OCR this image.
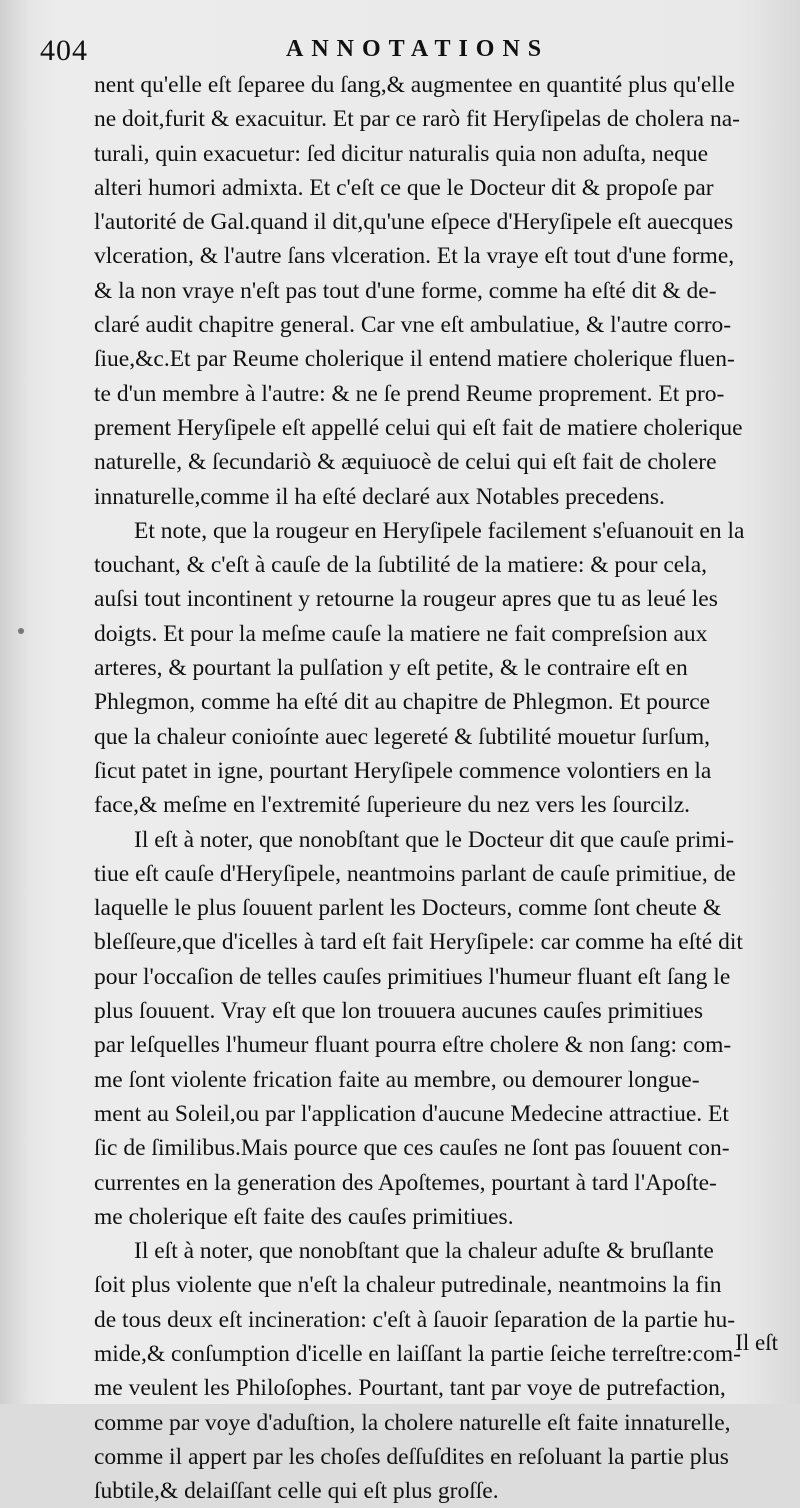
404	ANNOTATIONS
nent qu'elle eſt ſeparee du ſang,& augmentee en quantité plus qu'elle
ne doit,furit & exacuitur. Et par ce rarò fit Heryſipelas de cholera na-
turali, quin exacuetur: ſed dicitur naturalis quia non aduſta, neque
alteri humori admixta. Et c'eſt ce que le Docteur dit & propoſe par
l'autorité de Gal.quand il dit,qu'une eſpece d'Heryſipele eſt auecques
vlceration, & l'autre ſans vlceration. Et la vraye eſt tout d'une forme,
& la non vraye n'eſt pas tout d'une forme, comme ha eſté dit & de-
claré audit chapitre general. Car vne eſt ambulatiue, & l'autre corro-
ſiue,&c.Et par Reume cholerique il entend matiere cholerique fluen-
te d'un membre à l'autre: & ne ſe prend Reume proprement. Et pro-
prement Heryſipele eſt appellé celui qui eſt fait de matiere cholerique
naturelle, & ſecundariò & æquiuocè de celui qui eſt fait de cholere
innaturelle,comme il ha eſté declaré aux Notables precedens.
Et note, que la rougeur en Heryſipele facilement s'eſuanouit en la
touchant, & c'eſt à cauſe de la ſubtilité de la matiere: & pour cela,
auſsi tout incontinent y retourne la rougeur apres que tu as leué les
doigts. Et pour la meſme cauſe la matiere ne fait compreſsion aux
arteres, & pourtant la pulſation y eſt petite, & le contraire eſt en
Phlegmon, comme ha eſté dit au chapitre de Phlegmon. Et pource
que la chaleur conioínte auec legereté & ſubtilité mouetur ſurſum,
ſicut patet in igne, pourtant Heryſipele commence volontiers en la
face,& meſme en l'extremité ſuperieure du nez vers les ſourcilz.
Il eſt à noter, que nonobſtant que le Docteur dit que cauſe primi-
tiue eſt cauſe d'Heryſipele, neantmoins parlant de cauſe primitiue, de
laquelle le plus ſouuent parlent les Docteurs, comme ſont cheute &
bleſſeure,que d'icelles à tard eſt fait Heryſipele: car comme ha eſté dit
pour l'occaſion de telles cauſes primitiues l'humeur fluant eſt ſang le
plus ſouuent. Vray eſt que lon trouuera aucunes cauſes primitiues
par leſquelles l'humeur fluant pourra eſtre cholere & non ſang: com-
me ſont violente frication faite au membre, ou demourer longue-
ment au Soleil,ou par l'application d'aucune Medecine attractiue. Et
ſic de ſimilibus.Mais pource que ces cauſes ne ſont pas ſouuent con-
currentes en la generation des Apoſtemes, pourtant à tard l'Apoſte-
me cholerique eſt faite des cauſes primitiues.
Il eſt à noter, que nonobſtant que la chaleur aduſte & bruſlante
ſoit plus violente que n'eſt la chaleur putredinale, neantmoins la fin
de tous deux eſt incineration: c'eſt à ſauoir ſeparation de la partie hu-
mide,& conſumption d'icelle en laiſſant la partie ſeiche terreſtre:com-
me veulent les Philoſophes. Pourtant, tant par voye de putrefaction,
comme par voye d'aduſtion, la cholere naturelle eſt faite innaturelle,
comme il appert par les choſes deſſuſdites en reſoluant la partie plus
ſubtile,& delaiſſant celle qui eſt plus groſſe.
Il eſt
